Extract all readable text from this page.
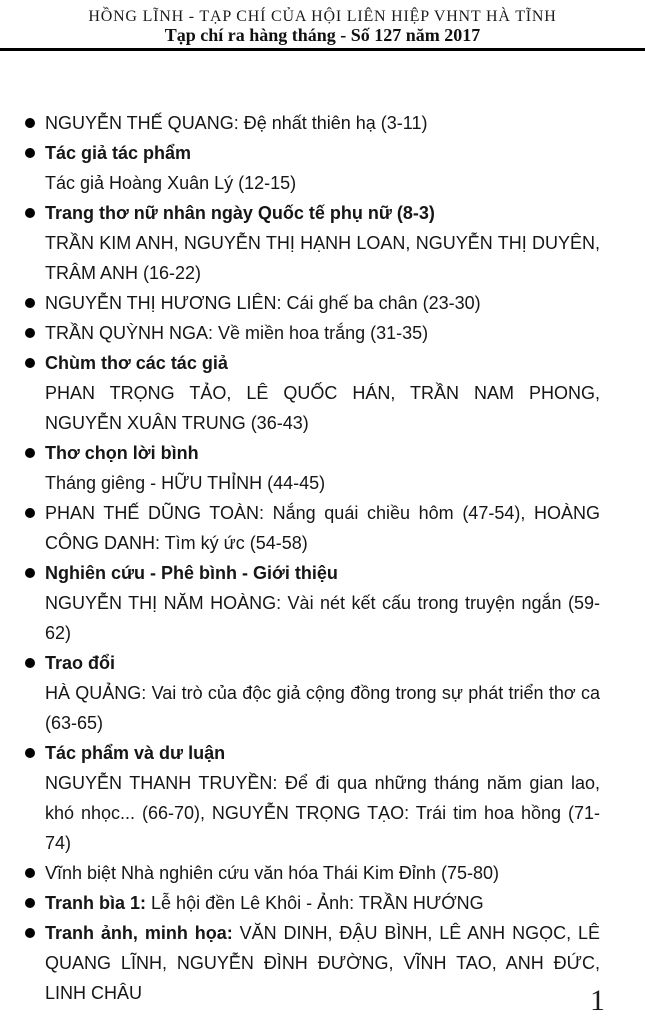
HỒNG LĨNH - TẠP CHÍ CỦA HỘI LIÊN HIỆP VHNT HÀ TĨNH
Tạp chí ra hàng tháng - Số 127 năm 2017
NGUYỄN THẾ QUANG: Đệ nhất thiên hạ (3-11)
Tác giả tác phẩm
Tác giả Hoàng Xuân Lý (12-15)
Trang thơ nữ nhân ngày Quốc tế phụ nữ (8-3)
TRẦN KIM ANH, NGUYỄN THỊ HẠNH LOAN, NGUYỄN THỊ DUYÊN, TRÂM ANH (16-22)
NGUYỄN THỊ HƯƠNG LIÊN: Cái ghế ba chân (23-30)
TRẦN QUỲNH NGA: Về miền hoa trắng (31-35)
Chùm thơ các tác giả
PHAN TRỌNG TẢO, LÊ QUỐC HÁN, TRẦN NAM PHONG, NGUYỄN XUÂN TRUNG (36-43)
Thơ chọn lời bình
Tháng giêng - HỮU THỈNH (44-45)
PHAN THẾ DŨNG TOÀN: Nắng quái chiều hôm (47-54), HOÀNG CÔNG DANH: Tìm ký ức (54-58)
Nghiên cứu - Phê bình - Giới thiệu
NGUYỄN THỊ NĂM HOÀNG: Vài nét kết cấu trong truyện ngắn (59-62)
Trao đổi
HÀ QUẢNG: Vai trò của độc giả cộng đồng trong sự phát triển thơ ca (63-65)
Tác phẩm và dư luận
NGUYỄN THANH TRUYỀN: Để đi qua những tháng năm gian lao, khó nhọc... (66-70), NGUYỄN TRỌNG TẠO: Trái tim hoa hồng (71-74)
Vĩnh biệt Nhà nghiên cứu văn hóa Thái Kim Đỉnh (75-80)
Tranh bìa 1: Lễ hội đền Lê Khôi - Ảnh: TRẦN HƯỚNG
Tranh ảnh, minh họa: VĂN DINH, ĐẬU BÌNH, LÊ ANH NGỌC, LÊ QUANG LĨNH, NGUYỄN ĐÌNH ĐƯỜNG, VĨNH TAO, ANH ĐỨC, LINH CHÂU	1
